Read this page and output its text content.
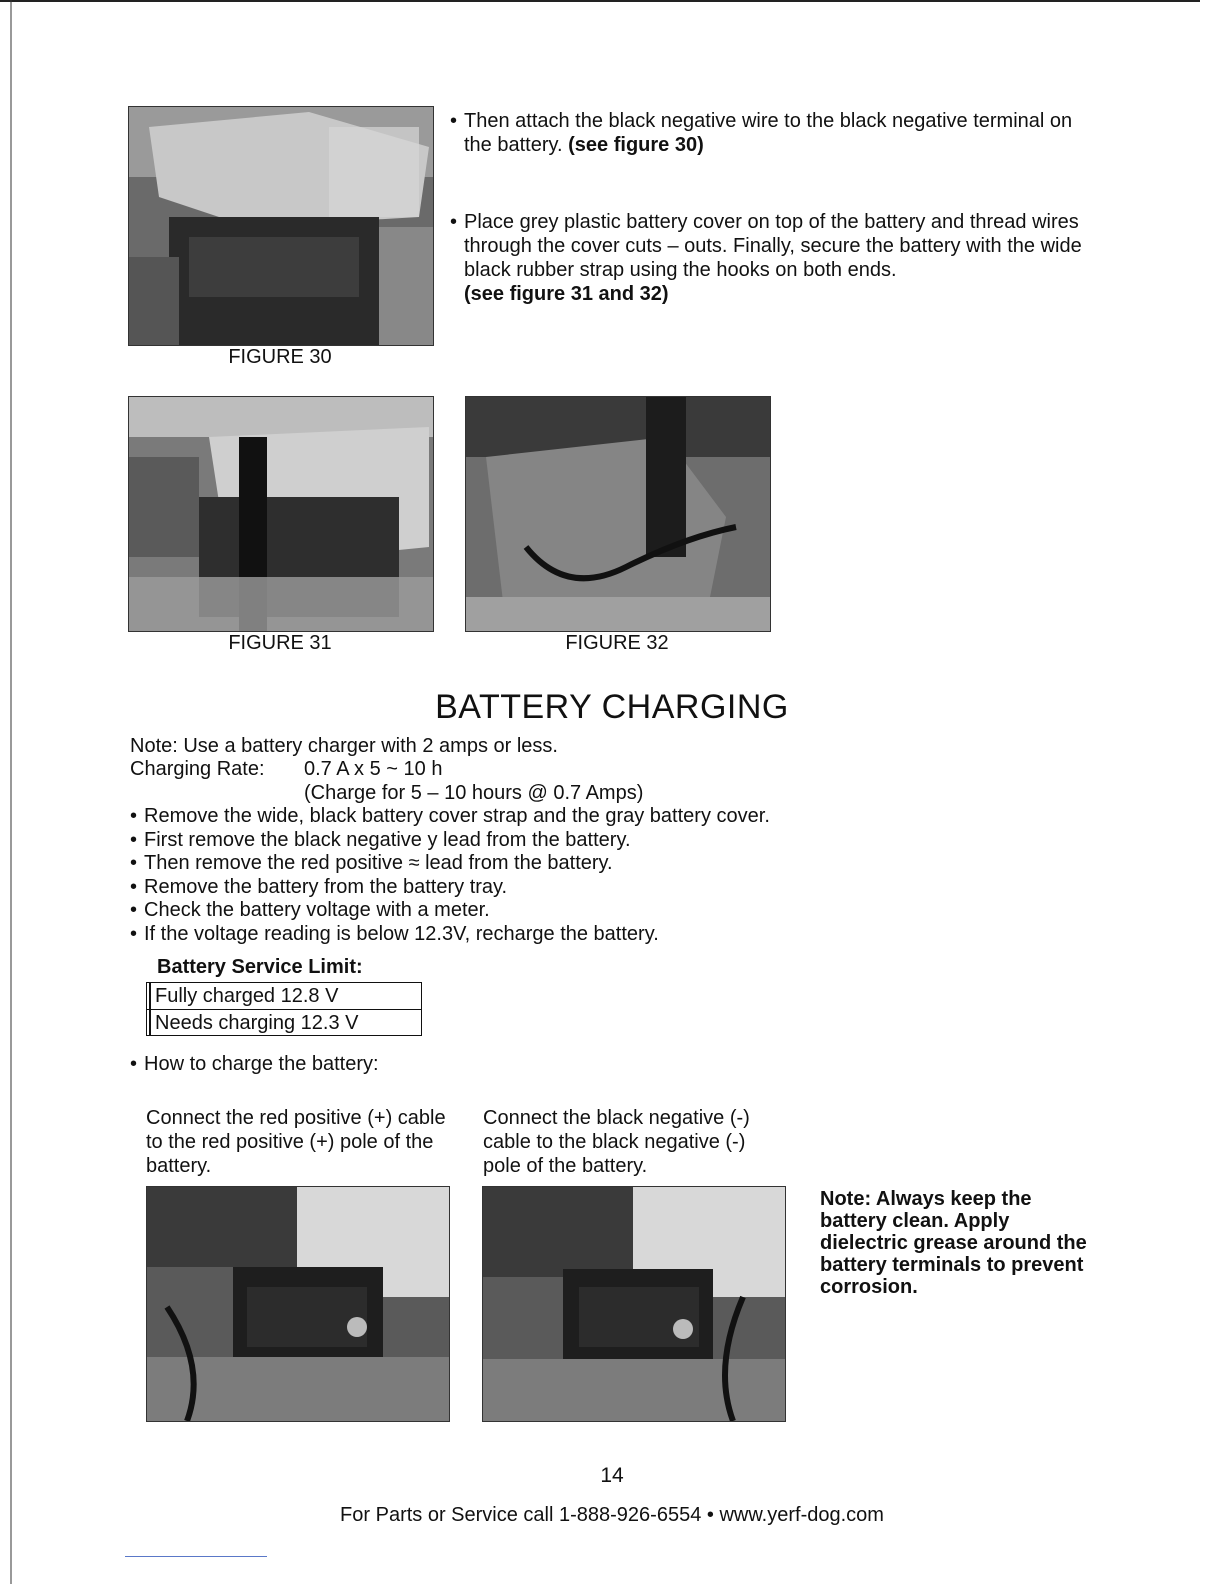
FIGURE 30
• Then attach the black negative wire to the black negative terminal on the battery. (see figure 30)
• Place grey plastic battery cover on top of the battery and thread wires through the cover cuts – outs. Finally, secure the battery with the wide black rubber strap using the hooks on both ends.
(see figure 31 and 32)
FIGURE 31	FIGURE 32
BATTERY CHARGING
Note: Use a battery charger with 2 amps or less.
Charging Rate: 0.7 A x 5 ~ 10 h
(Charge for 5 – 10 hours @ 0.7 Amps)
• Remove the wide, black battery cover strap and the gray battery cover.
• First remove the black negative y lead from the battery.
• Then remove the red positive ≈ lead from the battery.
• Remove the battery from the battery tray.
• Check the battery voltage with a meter.
• If the voltage reading is below 12.3V, recharge the battery.
Battery Service Limit:
Fully charged 12.8 V
Needs charging 12.3 V
• How to charge the battery:
Connect the red positive (+) cable to the red positive (+) pole of the battery.
Connect the black negative (-) cable to the black negative (-) pole of the battery.
Note: Always keep the battery clean. Apply dielectric grease around the battery terminals to prevent corrosion.
14
For Parts or Service call 1-888-926-6554 • www.yerf-dog.com
